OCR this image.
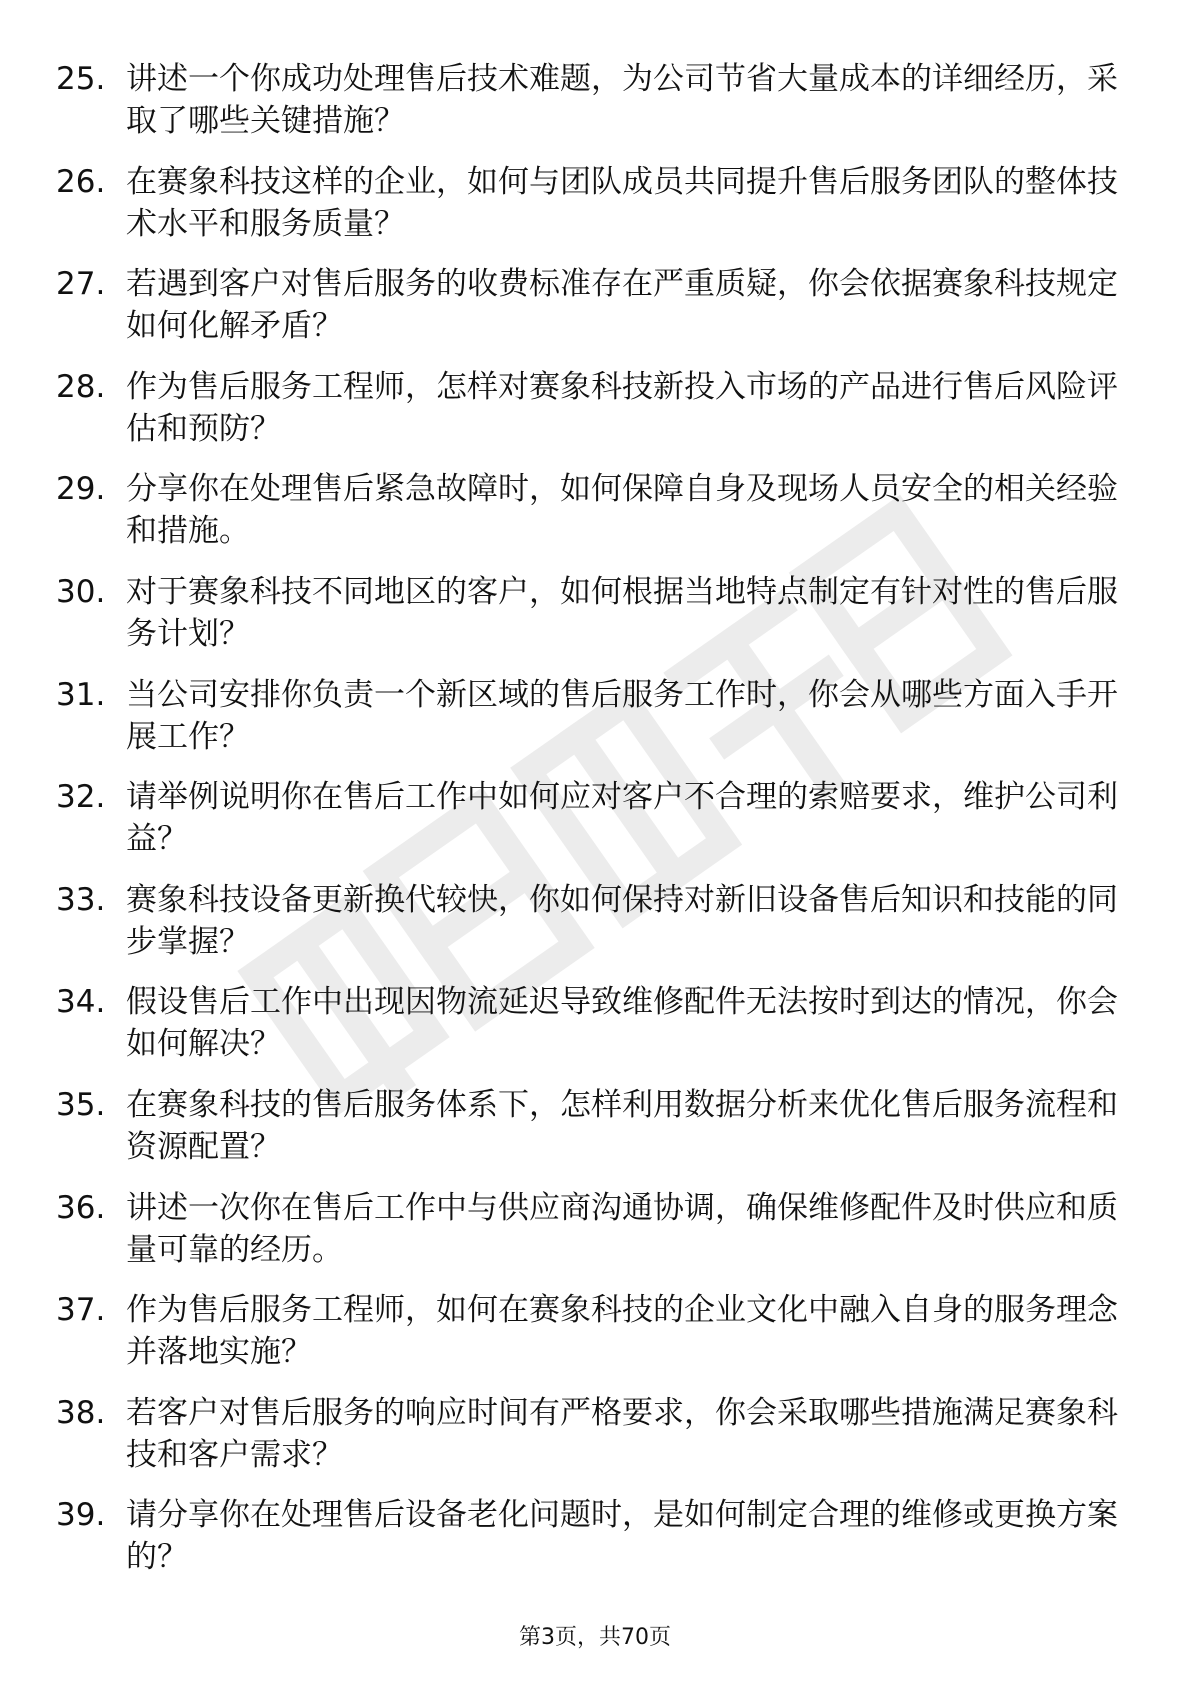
25. 讲述一个你成功处理售后技术难题，为公司节省大量成本的详细经历，采取了哪些关键措施？
26. 在赛象科技这样的企业，如何与团队成员共同提升售后服务团队的整体技术水平和服务质量？
27. 若遇到客户对售后服务的收费标准存在严重质疑，你会依据赛象科技规定如何化解矛盾？
28. 作为售后服务工程师，怎样对赛象科技新投入市场的产品进行售后风险评估和预防？
29. 分享你在处理售后紧急故障时，如何保障自身及现场人员安全的相关经验和措施。
30. 对于赛象科技不同地区的客户，如何根据当地特点制定有针对性的售后服务计划？
31. 当公司安排你负责一个新区域的售后服务工作时，你会从哪些方面入手开展工作？
32. 请举例说明你在售后工作中如何应对客户不合理的索赔要求，维护公司利益？
33. 赛象科技设备更新换代较快，你如何保持对新旧设备售后知识和技能的同步掌握？
34. 假设售后工作中出现因物流延迟导致维修配件无法按时到达的情况，你会如何解决？
35. 在赛象科技的售后服务体系下，怎样利用数据分析来优化售后服务流程和资源配置？
36. 讲述一次你在售后工作中与供应商沟通协调，确保维修配件及时供应和质量可靠的经历。
37. 作为售后服务工程师，如何在赛象科技的企业文化中融入自身的服务理念并落地实施？
38. 若客户对售后服务的响应时间有严格要求，你会采取哪些措施满足赛象科技和客户需求？
39. 请分享你在处理售后设备老化问题时，是如何制定合理的维修或更换方案的？
第3页，共70页
